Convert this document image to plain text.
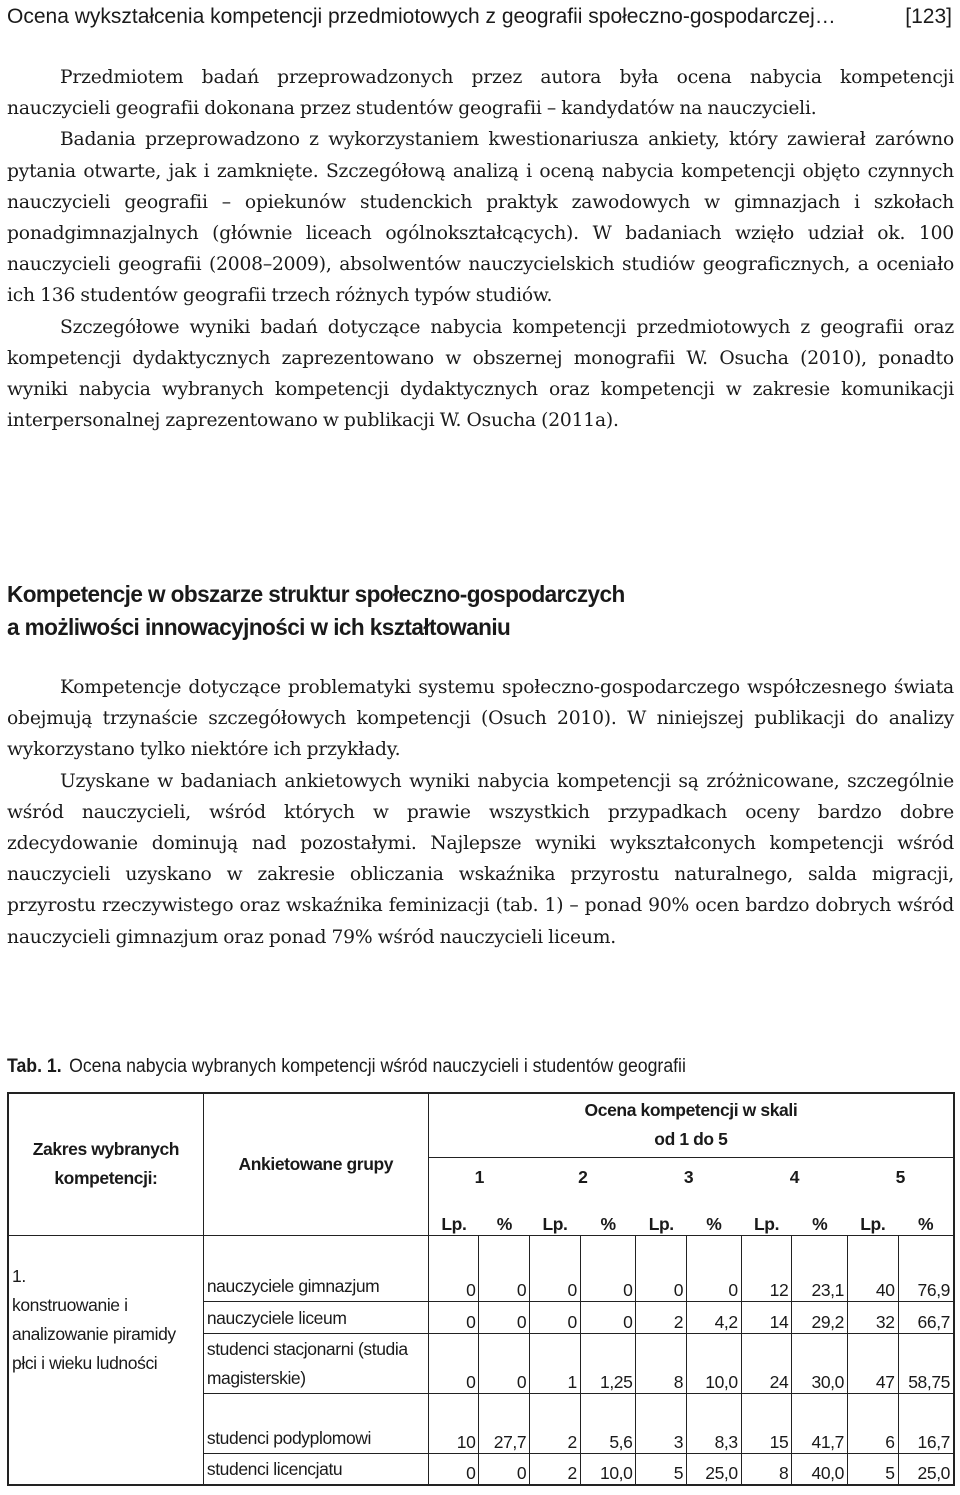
Ocena wykształcenia kompetencji przedmiotowych z geografii społeczno-gospodarczej…	[123]

Przedmiotem badań przeprowadzonych przez autora była ocena nabycia kompetencji nauczycieli geografii dokonana przez studentów geografii – kandydatów na nauczycieli.

Badania przeprowadzono z wykorzystaniem kwestionariusza ankiety, który zawierał zarówno pytania otwarte, jak i zamknięte. Szczegółową analizą i oceną nabycia kompetencji objęto czynnych nauczycieli geografii – opiekunów studenckich praktyk zawodowych w gimnazjach i szkołach ponadgimnazjalnych (głównie liceach ogólnokształcących). W badaniach wzięło udział ok. 100 nauczycieli geografii (2008–2009), absolwentów nauczycielskich studiów geograficznych, a oceniało ich 136 studentów geografii trzech różnych typów studiów.

Szczegółowe wyniki badań dotyczące nabycia kompetencji przedmiotowych z geografii oraz kompetencji dydaktycznych zaprezentowano w obszernej monografii W. Osucha (2010), ponadto wyniki nabycia wybranych kompetencji dydaktycznych oraz kompetencji w zakresie komunikacji interpersonalnej zaprezentowano w publikacji W. Osucha (2011a).

Kompetencje w obszarze struktur społeczno-gospodarczych
a możliwości innowacyjności w ich kształtowaniu

Kompetencje dotyczące problematyki systemu społeczno-gospodarczego współczesnego świata obejmują trzynaście szczegółowych kompetencji (Osuch 2010). W niniejszej publikacji do analizy wykorzystano tylko niektóre ich przykłady.

Uzyskane w badaniach ankietowych wyniki nabycia kompetencji są zróżnicowane, szczególnie wśród nauczycieli, wśród których w prawie wszystkich przypadkach oceny bardzo dobre zdecydowanie dominują nad pozostałymi. Najlepsze wyniki wykształconych kompetencji wśród nauczycieli uzyskano w zakresie obliczania wskaźnika przyrostu naturalnego, salda migracji, przyrostu rzeczywistego oraz wskaźnika feminizacji (tab. 1) – ponad 90% ocen bardzo dobrych wśród nauczycieli gimnazjum oraz ponad 79% wśród nauczycieli liceum.

Tab. 1. Ocena nabycia wybranych kompetencji wśród nauczycieli i studentów geografii
Zakres wybranych kompetencji:	Ankietowane grupy	Ocena kompetencji w skali od 1 do 5									
		1		2		3		4		5	
		Lp.	%	Lp.	%	Lp.	%	Lp.	%	Lp.	%

1.
konstruowanie i analizowanie piramidy płci i wieku ludności	nauczyciele gimnazjum	0	0	0	0	0	0	12	23,1	40	76,9
	nauczyciele liceum	0	0	0	0	2	4,2	14	29,2	32	66,7
	studenci stacjonarni (studia magisterskie)	0	0	1	1,25	8	10,0	24	30,0	47	58,75
	studenci podyplomowi	10	27,7	2	5,6	3	8,3	15	41,7	6	16,7
	studenci licencjatu	0	0	2	10,0	5	25,0	8	40,0	5	25,0
